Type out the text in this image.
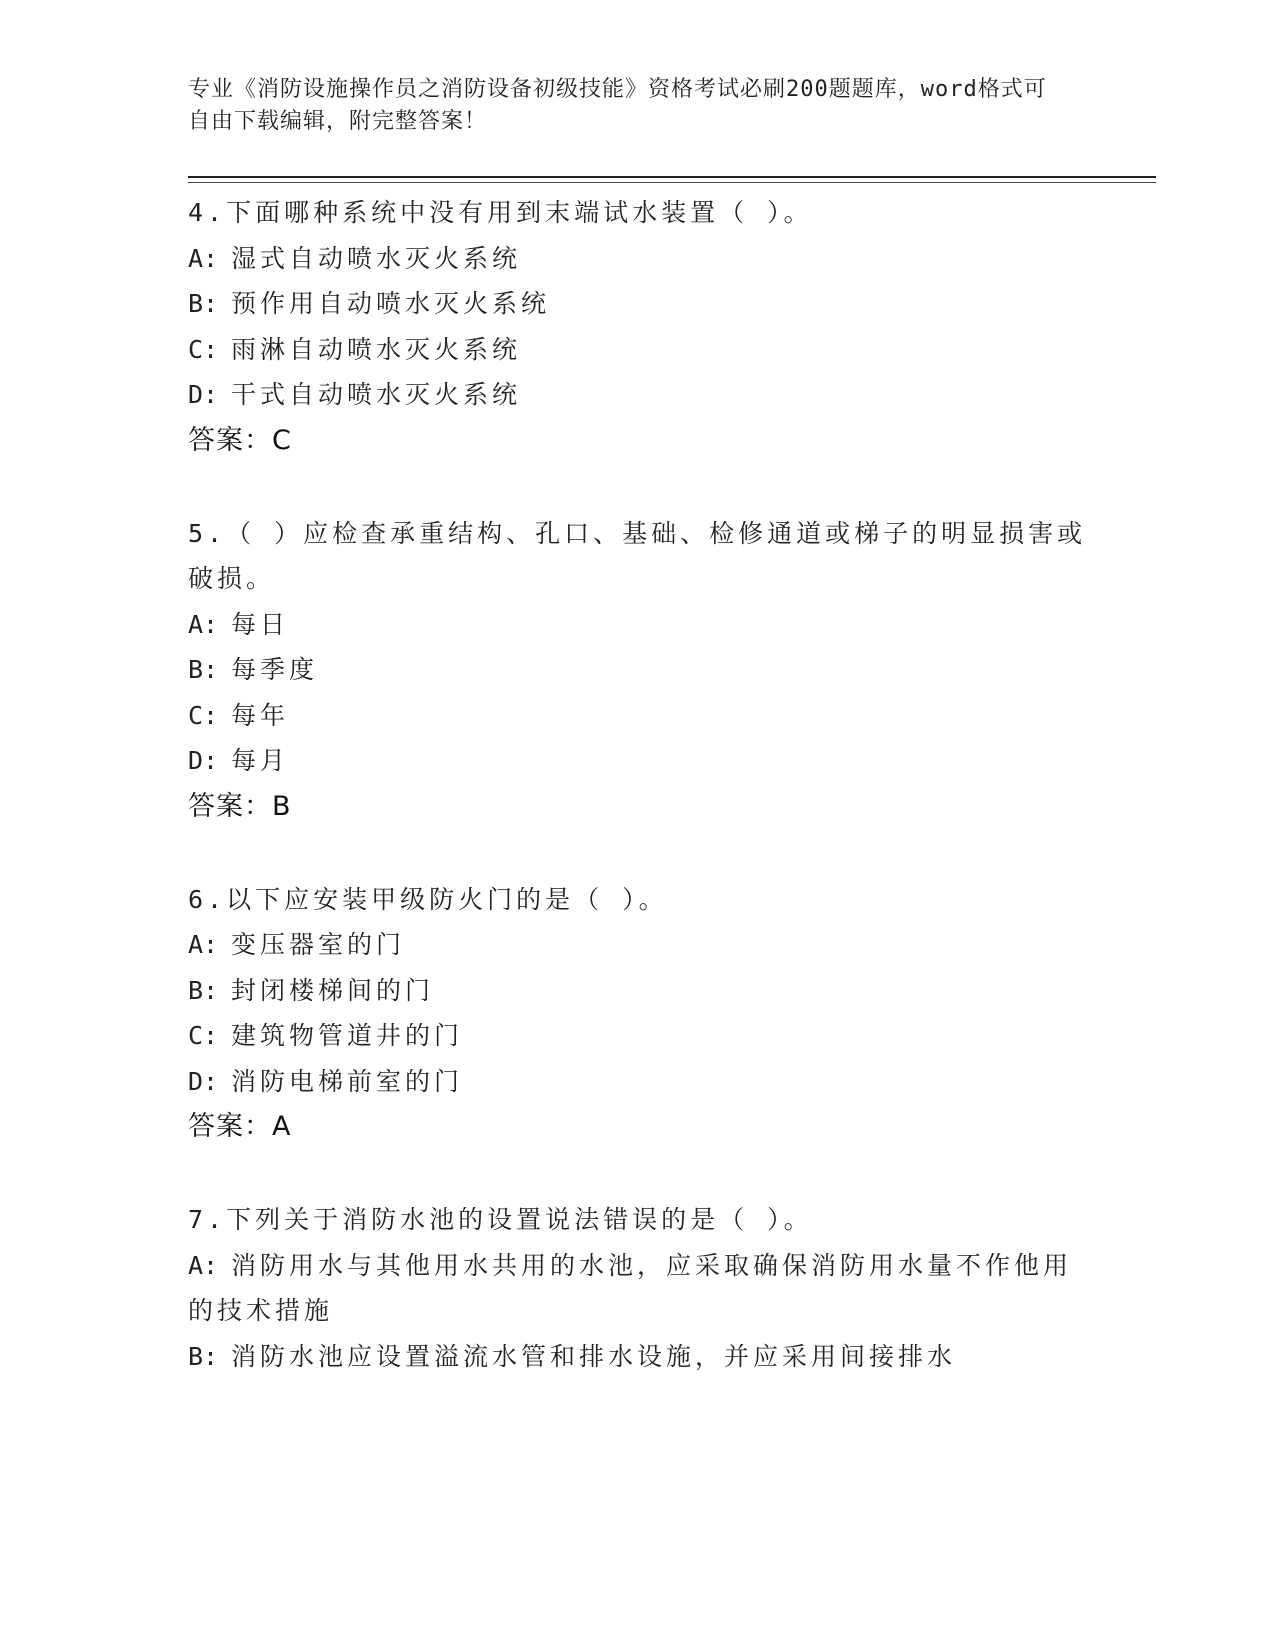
专业《消防设施操作员之消防设备初级技能》资格考试必刷200题题库，word格式可自由下载编辑，附完整答案！
4.下面哪种系统中没有用到末端试水装置（ ）。
A: 湿式自动喷水灭火系统
B: 预作用自动喷水灭火系统
C: 雨淋自动喷水灭火系统
D: 干式自动喷水灭火系统
答案：C
5.（ ）应检查承重结构、孔口、基础、检修通道或梯子的明显损害或破损。
A: 每日
B: 每季度
C: 每年
D: 每月
答案：B
6.以下应安装甲级防火门的是（ ）。
A: 变压器室的门
B: 封闭楼梯间的门
C: 建筑物管道井的门
D: 消防电梯前室的门
答案：A
7.下列关于消防水池的设置说法错误的是（ ）。
A: 消防用水与其他用水共用的水池，应采取确保消防用水量不作他用的技术措施
B: 消防水池应设置溢流水管和排水设施，并应采用间接排水
